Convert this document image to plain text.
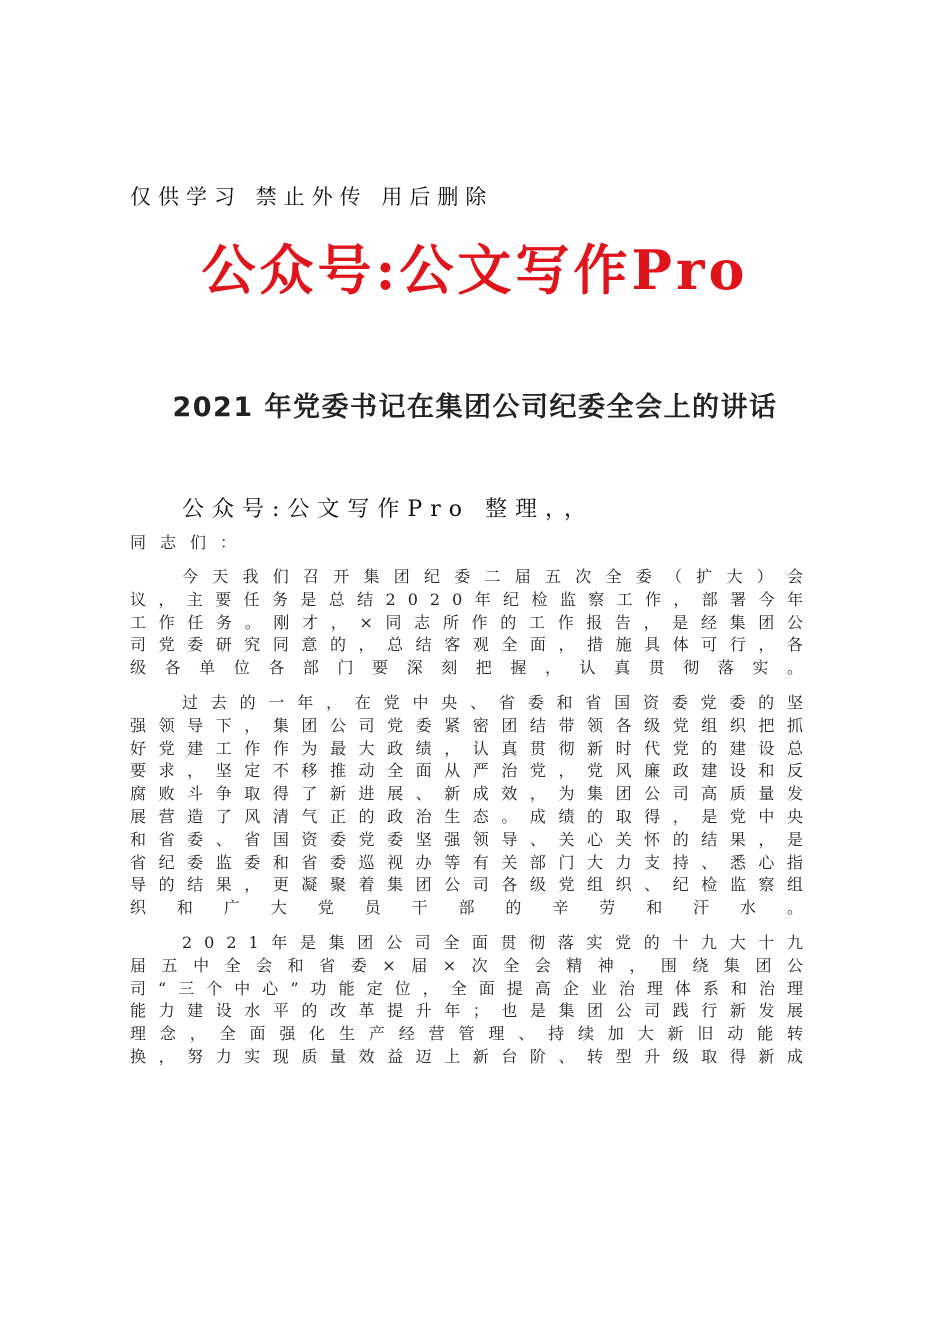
仅供学习 禁止外传 用后删除
公众号:公文写作Pro
2021 年党委书记在集团公司纪委全会上的讲话
公众号:公文写作Pro 整理，，
同志们：

今天我们召开集团纪委二届五次全委（扩大）会议，主要任务是总结2020年纪检监察工作，部署今年工作任务。刚才，×同志所作的工作报告，是经集团公司党委研究同意的，总结客观全面，措施具体可行，各级各单位各部门要深刻把握，认真贯彻落实。

过去的一年，在党中央、省委和省国资委党委的坚强领导下，集团公司党委紧密团结带领各级党组织把抓好党建工作作为最大政绩，认真贯彻新时代党的建设总要求，坚定不移推动全面从严治党，党风廉政建设和反腐败斗争取得了新进展、新成效，为集团公司高质量发展营造了风清气正的政治生态。成绩的取得，是党中央和省委、省国资委党委坚强领导、关心关怀的结果，是省纪委监委和省委巡视办等有关部门大力支持、悉心指导的结果，更凝聚着集团公司各级党组织、纪检监察组织和广大党员干部的辛劳和汗水。

2021年是集团公司全面贯彻落实党的十九大十九届五中全会和省委×届×次全会精神，围绕集团公司“三个中心”功能定位，全面提高企业治理体系和治理能力建设水平的改革提升年；也是集团公司践行新发展理念，全面强化生产经营管理、持续加大新旧动能转换，努力实现质量效益迈上新台阶、转型升级取得新成
